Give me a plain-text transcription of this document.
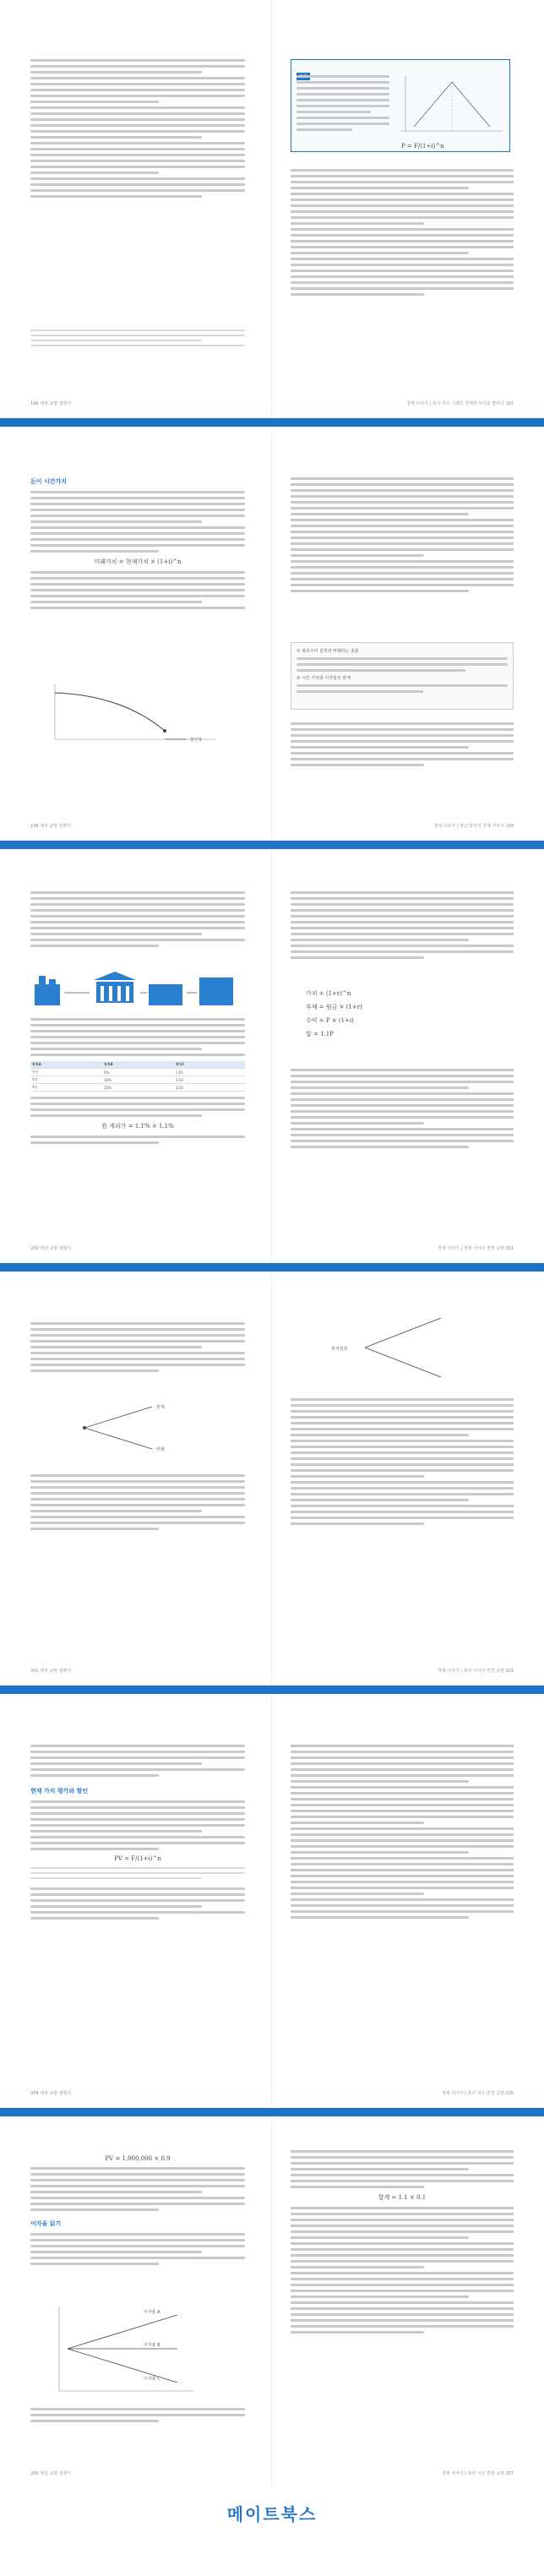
196 세상 교양 설명서
P = F/(1+i)^n
경제 이야기 | 복리 지수 그래프 경제학 부터를 말하다 197
돈이 시간가치
미래가치 = 현재가치 × (1+i)^n
할인율
198 세상 교양 설명서
① 복리수익 결정과 비례하는 종관
② 시간 가치와 이자율의 관계
경제 이야기 | 계산 방식의 경제 이야기 199
항목A	항목B	항목C
연간	5%	1.05
2년	10%	1.10
3년	15%	1.16
원 계리가 = 1.1% × 1.1%
200 세상 교양 설명서
가치 = (1+r)^n
부채 = 원금 × (1+r)
수익 = P × (1+i)
합 = 1.1P
경제 이야기 | 경제 이야기 연결 교양 201
현재
미래
202 세상 교양 설명서
투자결과
경제 이야기 | 복리 이야기 연결 교양 203
현재 가치 평가와 할인
PV = F/(1+i)^n
204 세상 교양 설명서	경제 이야기 | 복리 지수 연결 교양 205
PV = 1,000,000 × 0.9
이자율 읽기
이자율 A
이자율 B
이자율 C
206 세상 교양 설명서
합계 = 1.1 × 0.1
경제 이야기 | 복리 지수 연결 교양 207
메이트북스
